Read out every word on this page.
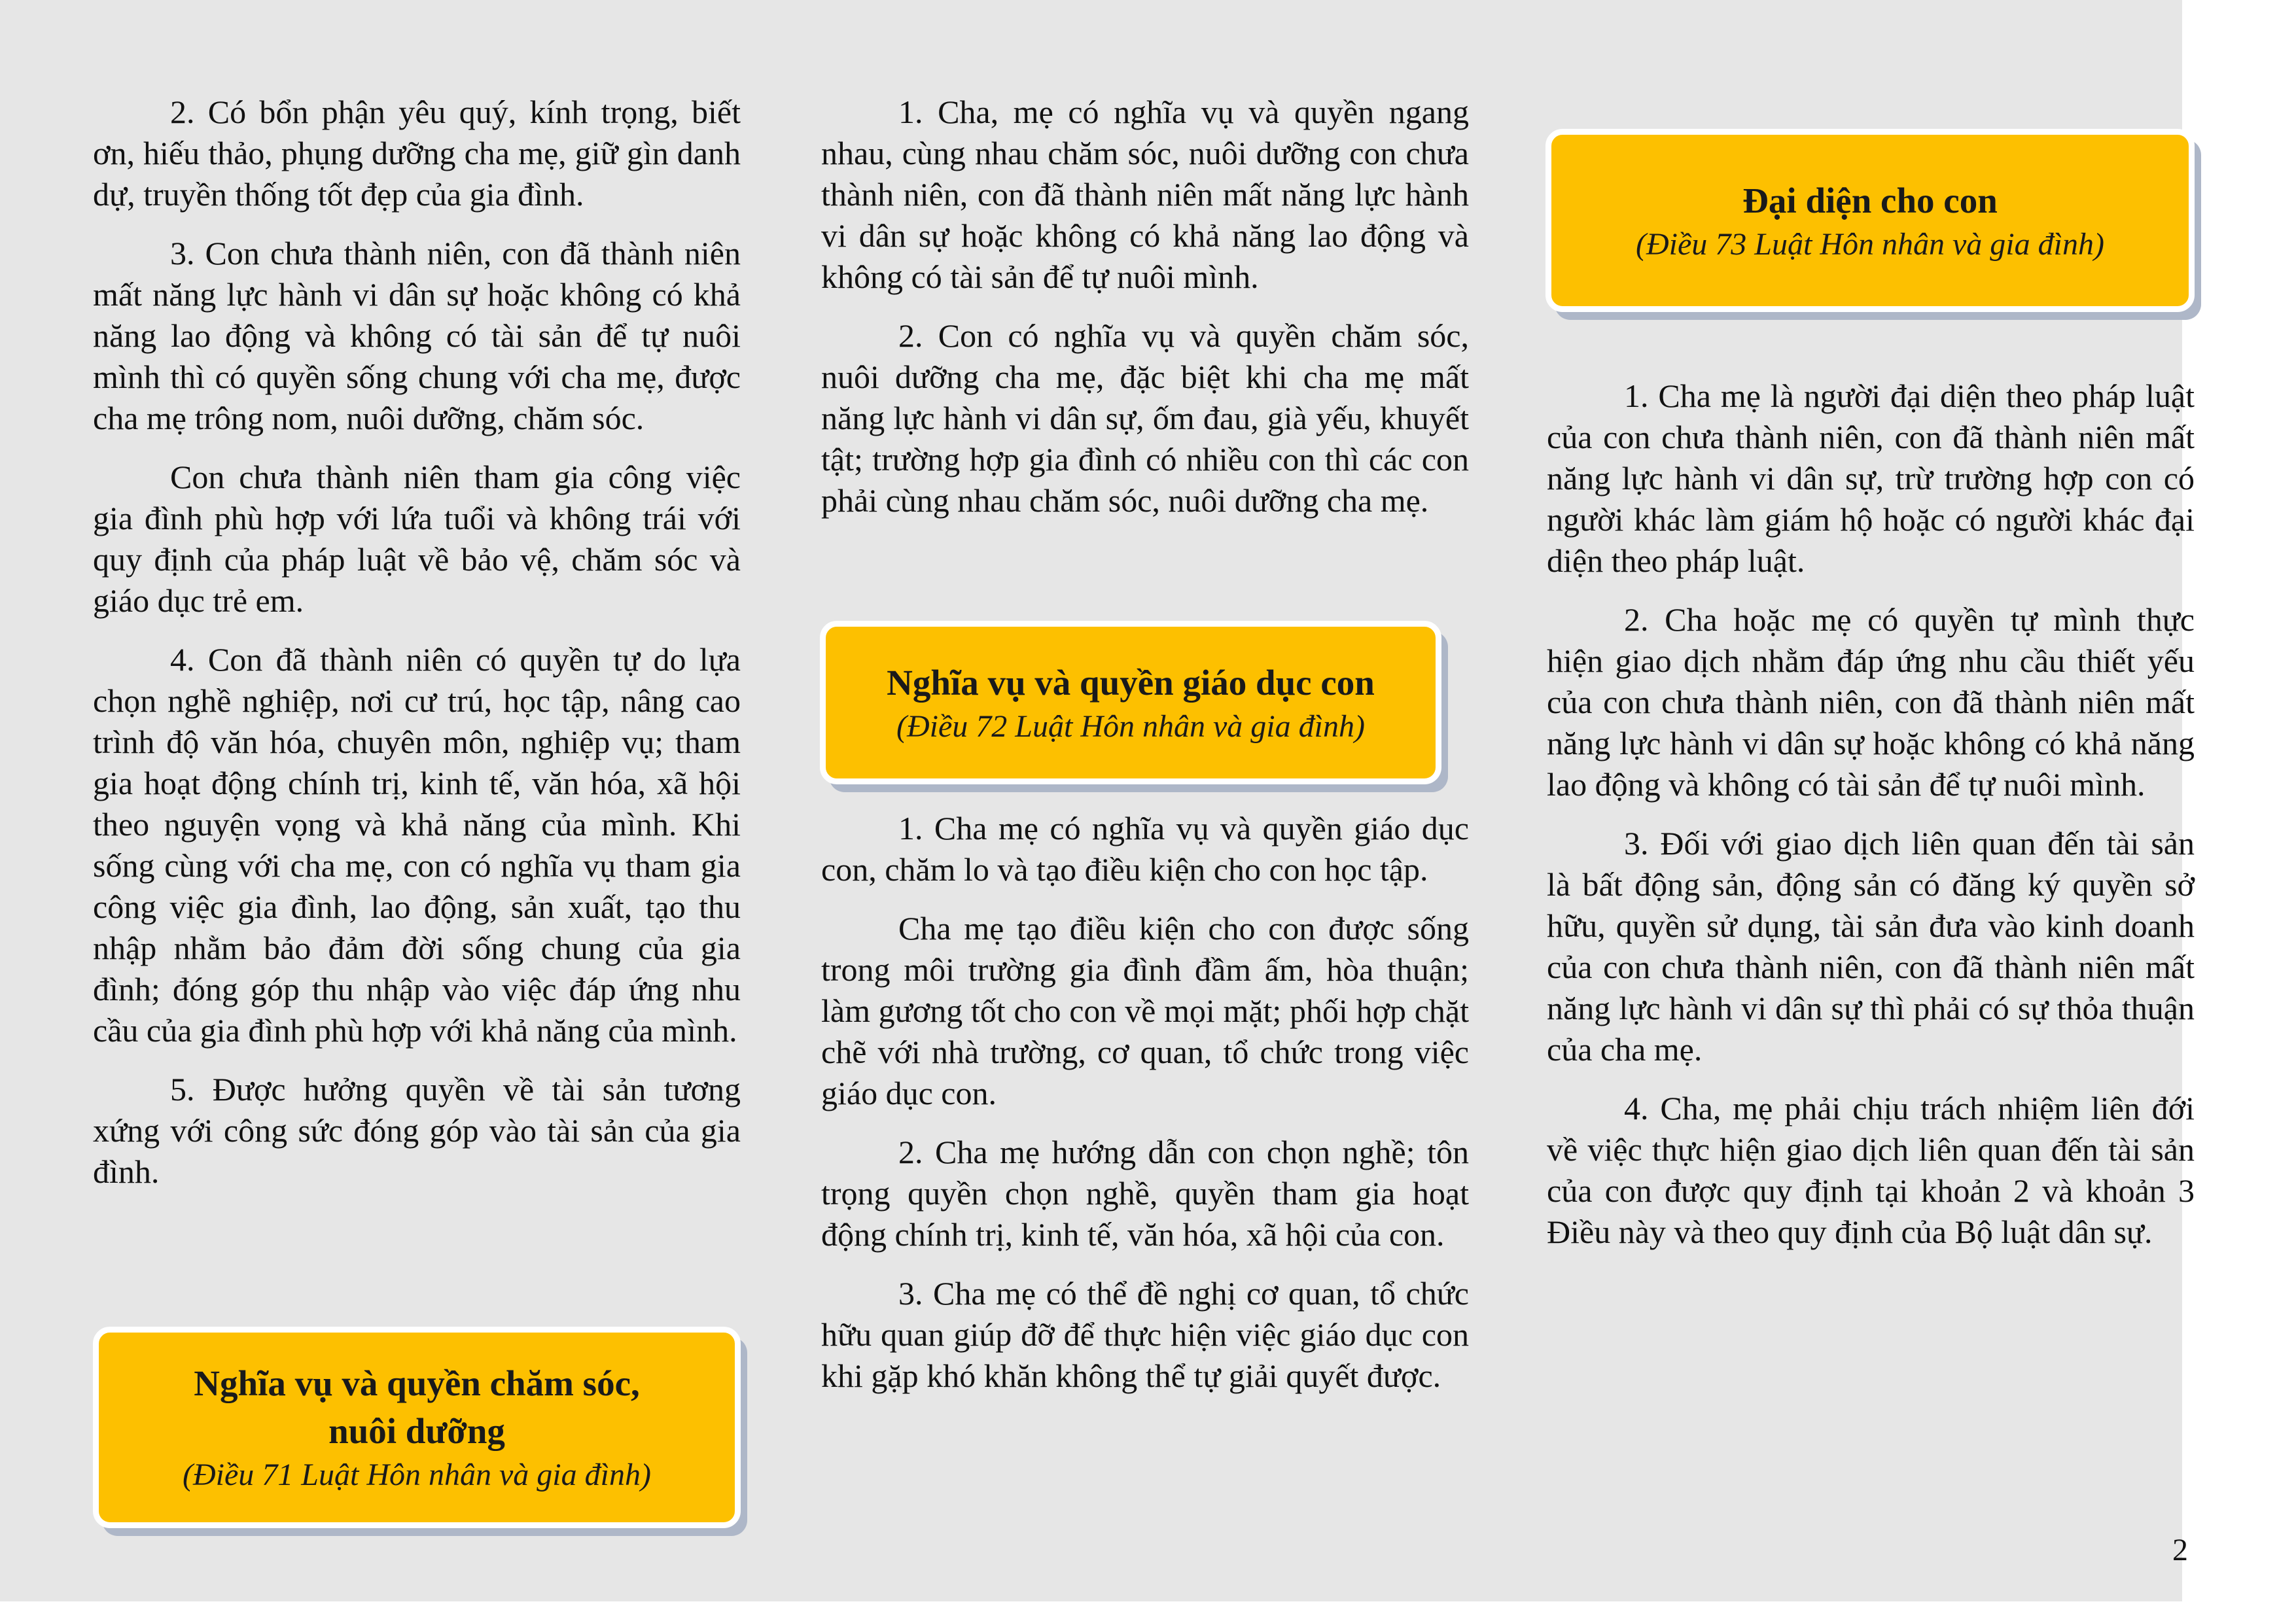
2. Có bổn phận yêu quý, kính trọng, biết ơn, hiếu thảo, phụng dưỡng cha mẹ, giữ gìn danh dự, truyền thống tốt đẹp của gia đình.

3. Con chưa thành niên, con đã thành niên mất năng lực hành vi dân sự hoặc không có khả năng lao động và không có tài sản để tự nuôi mình thì có quyền sống chung với cha mẹ, được cha mẹ trông nom, nuôi dưỡng, chăm sóc.

Con chưa thành niên tham gia công việc gia đình phù hợp với lứa tuổi và không trái với quy định của pháp luật về bảo vệ, chăm sóc và giáo dục trẻ em.

4. Con đã thành niên có quyền tự do lựa chọn nghề nghiệp, nơi cư trú, học tập, nâng cao trình độ văn hóa, chuyên môn, nghiệp vụ; tham gia hoạt động chính trị, kinh tế, văn hóa, xã hội theo nguyện vọng và khả năng của mình. Khi sống cùng với cha mẹ, con có nghĩa vụ tham gia công việc gia đình, lao động, sản xuất, tạo thu nhập nhằm bảo đảm đời sống chung của gia đình; đóng góp thu nhập vào việc đáp ứng nhu cầu của gia đình phù hợp với khả năng của mình.

5. Được hưởng quyền về tài sản tương xứng với công sức đóng góp vào tài sản của gia đình.

Nghĩa vụ và quyền chăm sóc,
nuôi dưỡng
(Điều 71 Luật Hôn nhân và gia đình)

1. Cha, mẹ có nghĩa vụ và quyền ngang nhau, cùng nhau chăm sóc, nuôi dưỡng con chưa thành niên, con đã thành niên mất năng lực hành vi dân sự hoặc không có khả năng lao động và không có tài sản để tự nuôi mình.

2. Con có nghĩa vụ và quyền chăm sóc, nuôi dưỡng cha mẹ, đặc biệt khi cha mẹ mất năng lực hành vi dân sự, ốm đau, già yếu, khuyết tật; trường hợp gia đình có nhiều con thì các con phải cùng nhau chăm sóc, nuôi dưỡng cha mẹ.

Nghĩa vụ và quyền giáo dục con
(Điều 72 Luật Hôn nhân và gia đình)

1. Cha mẹ có nghĩa vụ và quyền giáo dục con, chăm lo và tạo điều kiện cho con học tập.

Cha mẹ tạo điều kiện cho con được sống trong môi trường gia đình đầm ấm, hòa thuận; làm gương tốt cho con về mọi mặt; phối hợp chặt chẽ với nhà trường, cơ quan, tổ chức trong việc giáo dục con.

2. Cha mẹ hướng dẫn con chọn nghề; tôn trọng quyền chọn nghề, quyền tham gia hoạt động chính trị, kinh tế, văn hóa, xã hội của con.

3. Cha mẹ có thể đề nghị cơ quan, tổ chức hữu quan giúp đỡ để thực hiện việc giáo dục con khi gặp khó khăn không thể tự giải quyết được.

Đại diện cho con
(Điều 73 Luật Hôn nhân và gia đình)

1. Cha mẹ là người đại diện theo pháp luật của con chưa thành niên, con đã thành niên mất năng lực hành vi dân sự, trừ trường hợp con có người khác làm giám hộ hoặc có người khác đại diện theo pháp luật.

2. Cha hoặc mẹ có quyền tự mình thực hiện giao dịch nhằm đáp ứng nhu cầu thiết yếu của con chưa thành niên, con đã thành niên mất năng lực hành vi dân sự hoặc không có khả năng lao động và không có tài sản để tự nuôi mình.

3. Đối với giao dịch liên quan đến tài sản là bất động sản, động sản có đăng ký quyền sở hữu, quyền sử dụng, tài sản đưa vào kinh doanh của con chưa thành niên, con đã thành niên mất năng lực hành vi dân sự thì phải có sự thỏa thuận của cha mẹ.

4. Cha, mẹ phải chịu trách nhiệm liên đới về việc thực hiện giao dịch liên quan đến tài sản của con được quy định tại khoản 2 và khoản 3 Điều này và theo quy định của Bộ luật dân sự.

2
